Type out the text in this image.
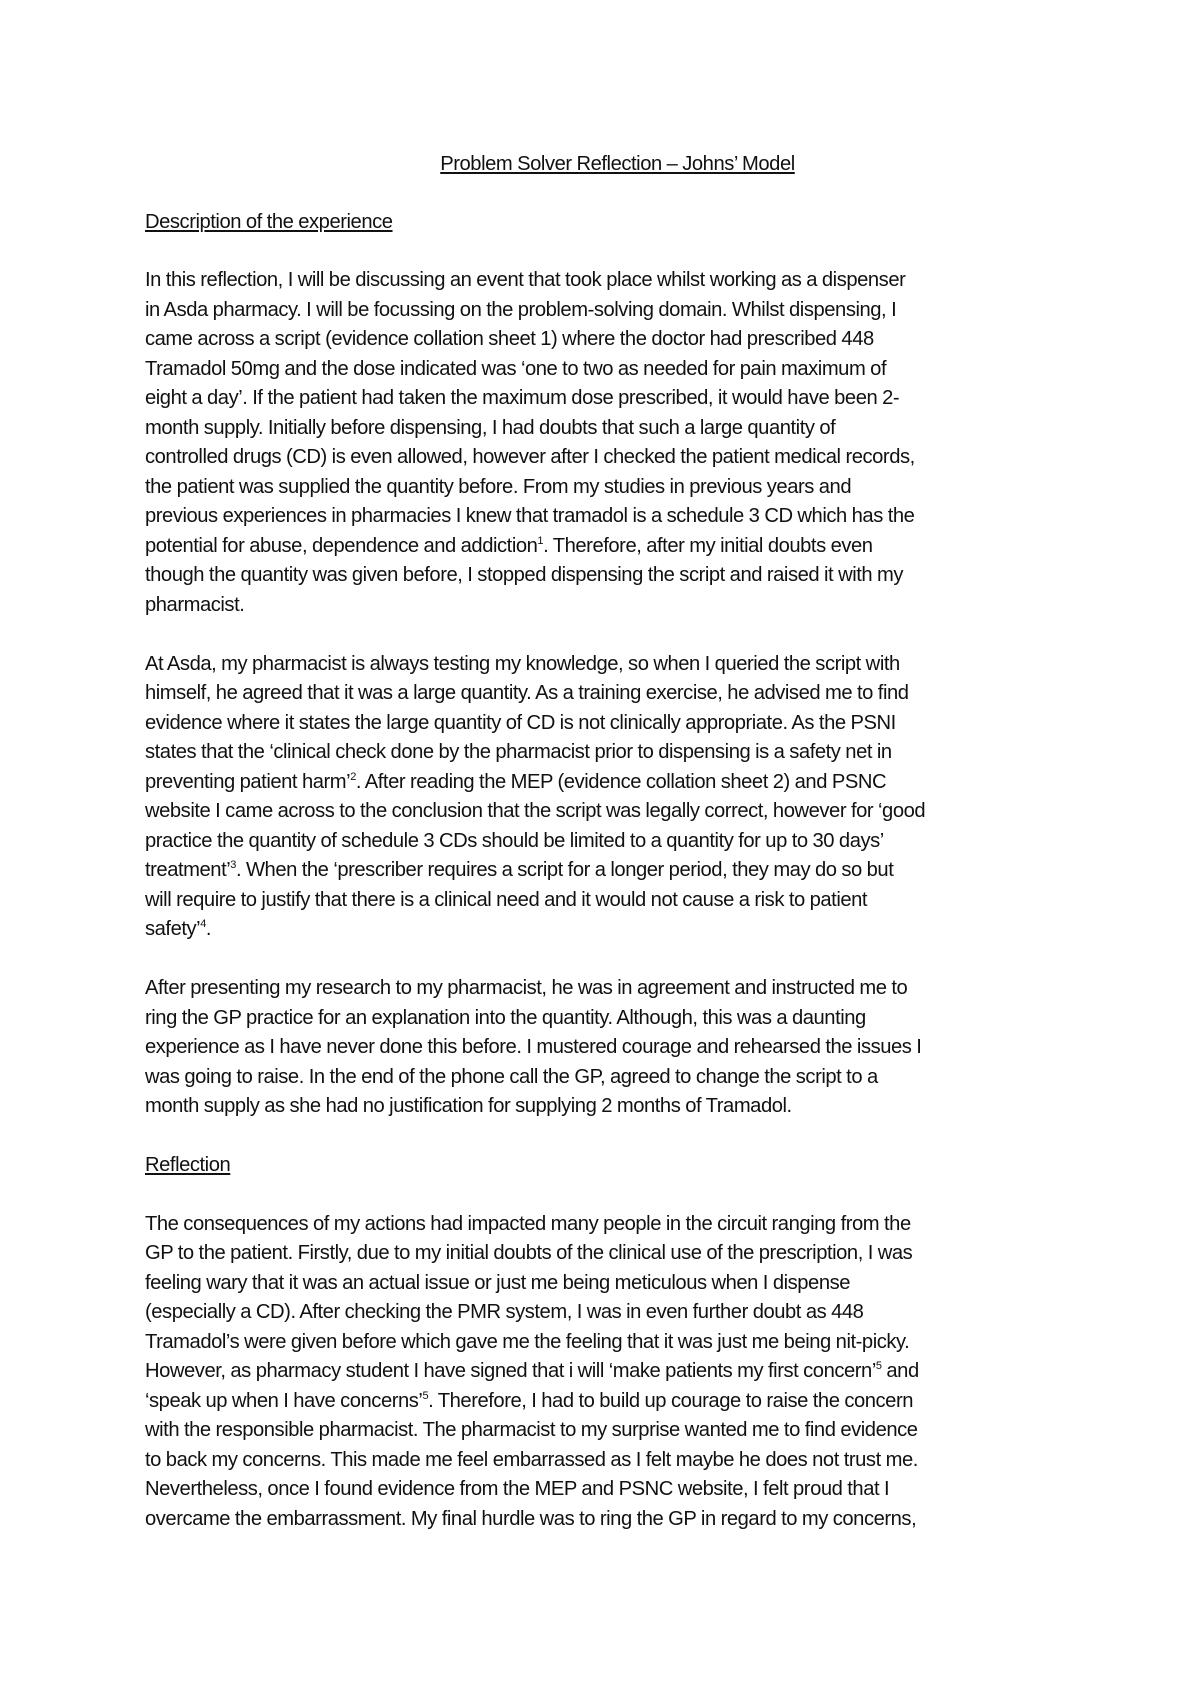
Problem Solver Reflection – Johns’ Model
Description of the experience

In this reflection, I will be discussing an event that took place whilst working as a dispenser
in Asda pharmacy. I will be focussing on the problem-solving domain. Whilst dispensing, I
came across a script (evidence collation sheet 1) where the doctor had prescribed 448
Tramadol 50mg and the dose indicated was ‘one to two as needed for pain maximum of
eight a day’. If the patient had taken the maximum dose prescribed, it would have been 2-
month supply. Initially before dispensing, I had doubts that such a large quantity of
controlled drugs (CD) is even allowed, however after I checked the patient medical records,
the patient was supplied the quantity before. From my studies in previous years and
previous experiences in pharmacies I knew that tramadol is a schedule 3 CD which has the
potential for abuse, dependence and addiction$^1$. Therefore, after my initial doubts even
though the quantity was given before, I stopped dispensing the script and raised it with my
pharmacist.

At Asda, my pharmacist is always testing my knowledge, so when I queried the script with
himself, he agreed that it was a large quantity. As a training exercise, he advised me to find
evidence where it states the large quantity of CD is not clinically appropriate. As the PSNI
states that the ‘clinical check done by the pharmacist prior to dispensing is a safety net in
preventing patient harm’$^2$. After reading the MEP (evidence collation sheet 2) and PSNC
website I came across to the conclusion that the script was legally correct, however for ‘good
practice the quantity of schedule 3 CDs should be limited to a quantity for up to 30 days’
treatment’$^3$. When the ‘prescriber requires a script for a longer period, they may do so but
will require to justify that there is a clinical need and it would not cause a risk to patient
safety’$^4$.

After presenting my research to my pharmacist, he was in agreement and instructed me to
ring the GP practice for an explanation into the quantity. Although, this was a daunting
experience as I have never done this before. I mustered courage and rehearsed the issues I
was going to raise. In the end of the phone call the GP, agreed to change the script to a
month supply as she had no justification for supplying 2 months of Tramadol.

Reflection

The consequences of my actions had impacted many people in the circuit ranging from the
GP to the patient. Firstly, due to my initial doubts of the clinical use of the prescription, I was
feeling wary that it was an actual issue or just me being meticulous when I dispense
(especially a CD). After checking the PMR system, I was in even further doubt as 448
Tramadol’s were given before which gave me the feeling that it was just me being nit-picky.
However, as pharmacy student I have signed that i will ‘make patients my first concern’$^5$ and
‘speak up when I have concerns’$^5$. Therefore, I had to build up courage to raise the concern
with the responsible pharmacist. The pharmacist to my surprise wanted me to find evidence
to back my concerns. This made me feel embarrassed as I felt maybe he does not trust me.
Nevertheless, once I found evidence from the MEP and PSNC website, I felt proud that I
overcame the embarrassment. My final hurdle was to ring the GP in regard to my concerns,
